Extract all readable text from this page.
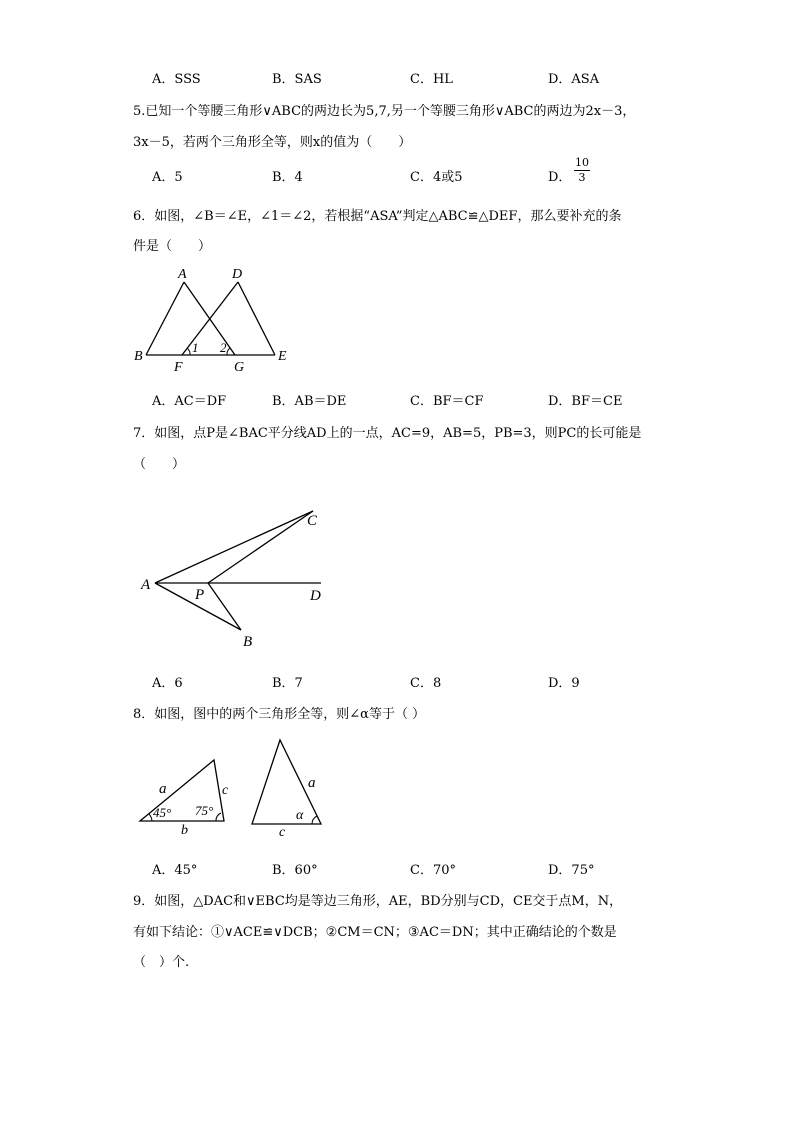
A．SSS	B．SAS	C．HL	D．ASA
5.已知一个等腰三角形∨ABC的两边长为5,7,另一个等腰三角形∨ABC的两边为2x－3，
3x－5，若两个三角形全等，则x的值为（　　）
A．5	B．4	C．4或5	D．
10
3
6．如图，∠B＝∠E，∠1＝∠2，若根据“ASA”判定△ABC≌△DEF，那么要补充的条
件是（　　）
A	D
B	E
F	G
1 2
A．AC＝DF	B．AB＝DE	C．BF＝CF	D．BF＝CE
7．如图，点P是∠BAC平分线AD上的一点，AC=9，AB=5，PB=3，则PC的长可能是
（　　）
A
P	D
C
B
A．6	B．7	C．8	D．9
8．如图，图中的两个三角形全等，则∠α等于（ ）
a	c
b
45° 75°
a
α
c
A．45°	B．60°	C．70°	D．75°
9．如图，△DAC和∨EBC均是等边三角形，AE，BD分别与CD，CE交于点M，N，
有如下结论：①∨ACE≌∨DCB；②CM＝CN；③AC＝DN；其中正确结论的个数是
（　）个.
